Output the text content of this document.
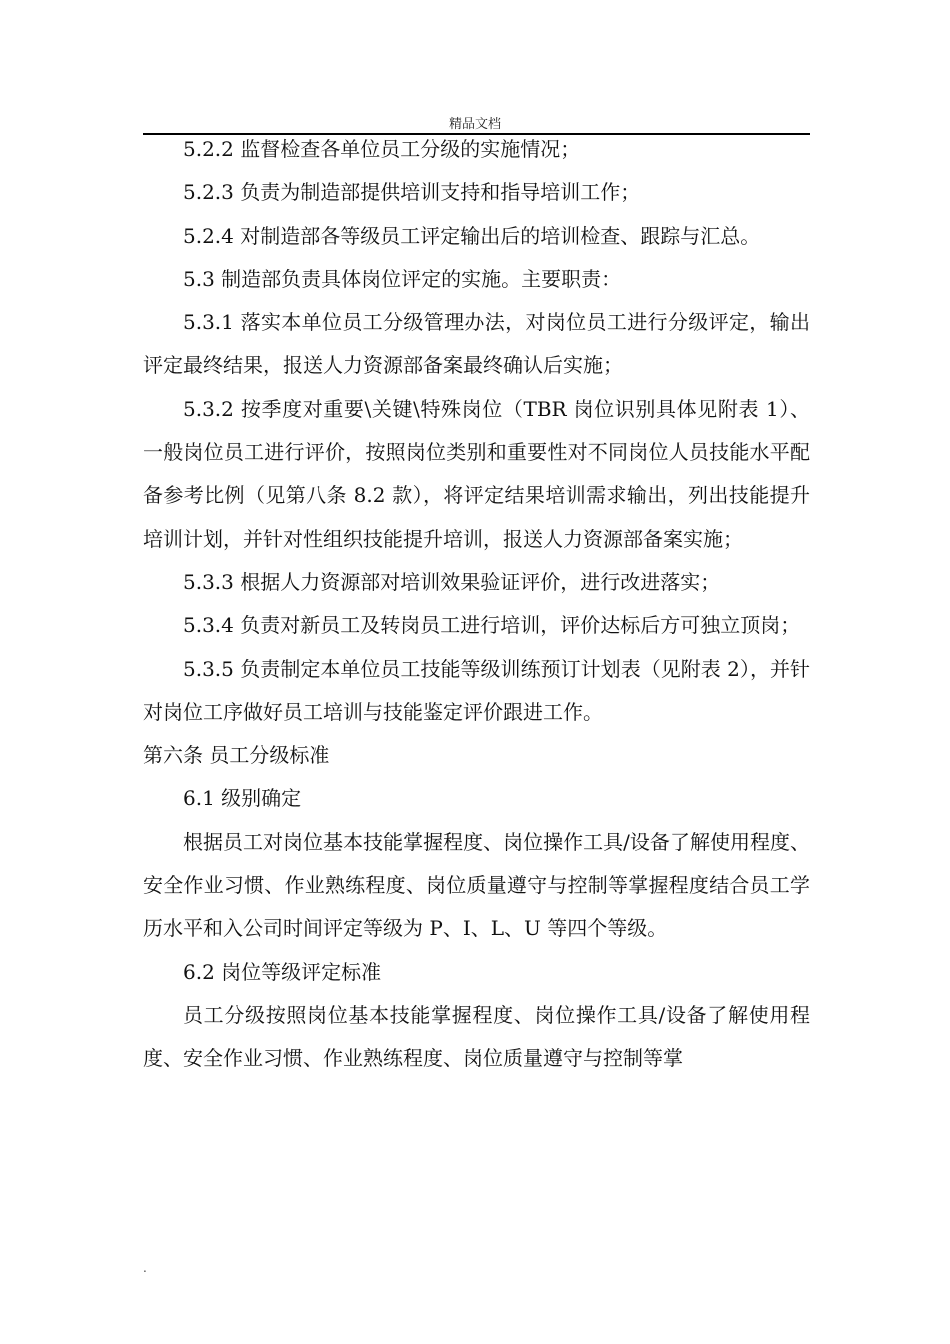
精品文档

5.2.2 监督检查各单位员工分级的实施情况；

5.2.3 负责为制造部提供培训支持和指导培训工作；

5.2.4 对制造部各等级员工评定输出后的培训检查、跟踪与汇总。

5.3 制造部负责具体岗位评定的实施。主要职责：

5.3.1 落实本单位员工分级管理办法，对岗位员工进行分级评定，输出评定最终结果，报送人力资源部备案最终确认后实施；

5.3.2 按季度对重要\关键\特殊岗位（TBR 岗位识别具体见附表 1）、一般岗位员工进行评价，按照岗位类别和重要性对不同岗位人员技能水平配备参考比例（见第八条 8.2 款），将评定结果培训需求输出，列出技能提升培训计划，并针对性组织技能提升培训，报送人力资源部备案实施；

5.3.3 根据人力资源部对培训效果验证评价，进行改进落实；

5.3.4 负责对新员工及转岗员工进行培训，评价达标后方可独立顶岗；

5.3.5 负责制定本单位员工技能等级训练预订计划表（见附表 2），并针对岗位工序做好员工培训与技能鉴定评价跟进工作。

第六条 员工分级标准

6.1 级别确定

根据员工对岗位基本技能掌握程度、岗位操作工具/设备了解使用程度、安全作业习惯、作业熟练程度、岗位质量遵守与控制等掌握程度结合员工学历水平和入公司时间评定等级为 P、I、L、U 等四个等级。

6.2 岗位等级评定标准

员工分级按照岗位基本技能掌握程度、岗位操作工具/设备了解使用程度、安全作业习惯、作业熟练程度、岗位质量遵守与控制等掌

.
